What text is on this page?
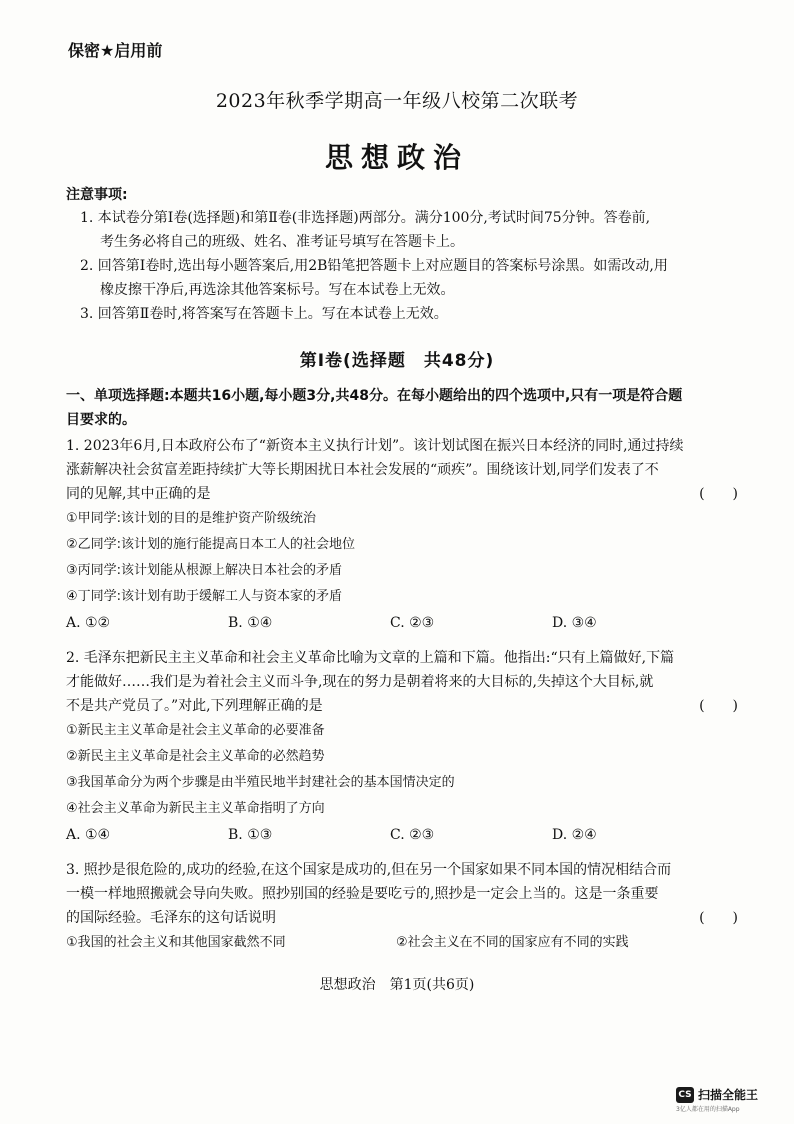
保密★启用前
2023年秋季学期高一年级八校第二次联考
思想政治
注意事项:
1. 本试卷分第Ⅰ卷(选择题)和第Ⅱ卷(非选择题)两部分。满分100分,考试时间75分钟。答卷前,
考生务必将自己的班级、姓名、准考证号填写在答题卡上。
2. 回答第Ⅰ卷时,选出每小题答案后,用2B铅笔把答题卡上对应题目的答案标号涂黑。如需改动,用
橡皮擦干净后,再选涂其他答案标号。写在本试卷上无效。
3. 回答第Ⅱ卷时,将答案写在答题卡上。写在本试卷上无效。
第Ⅰ卷(选择题　共48分)
一、单项选择题:本题共16小题,每小题3分,共48分。在每小题给出的四个选项中,只有一项是符合题
目要求的。
1. 2023年6月,日本政府公布了“新资本主义执行计划”。该计划试图在振兴日本经济的同时,通过持续
涨薪解决社会贫富差距持续扩大等长期困扰日本社会发展的“顽疾”。围绕该计划,同学们发表了不
同的见解,其中正确的是	(　　)
①甲同学:该计划的目的是维护资产阶级统治
②乙同学:该计划的施行能提高日本工人的社会地位
③丙同学:该计划能从根源上解决日本社会的矛盾
④丁同学:该计划有助于缓解工人与资本家的矛盾
A. ①②	B. ①④	C. ②③	D. ③④
2. 毛泽东把新民主主义革命和社会主义革命比喻为文章的上篇和下篇。他指出:“只有上篇做好,下篇
才能做好……我们是为着社会主义而斗争,现在的努力是朝着将来的大目标的,失掉这个大目标,就
不是共产党员了。”对此,下列理解正确的是	(　　)
①新民主主义革命是社会主义革命的必要准备
②新民主主义革命是社会主义革命的必然趋势
③我国革命分为两个步骤是由半殖民地半封建社会的基本国情决定的
④社会主义革命为新民主主义革命指明了方向
A. ①④	B. ①③	C. ②③	D. ②④
3. 照抄是很危险的,成功的经验,在这个国家是成功的,但在另一个国家如果不同本国的情况相结合而
一模一样地照搬就会导向失败。照抄别国的经验是要吃亏的,照抄是一定会上当的。这是一条重要
的国际经验。毛泽东的这句话说明	(　　)
①我国的社会主义和其他国家截然不同	②社会主义在不同的国家应有不同的实践
思想政治　第1页(共6页)
CS 扫描全能王
3亿人都在用的扫描App
